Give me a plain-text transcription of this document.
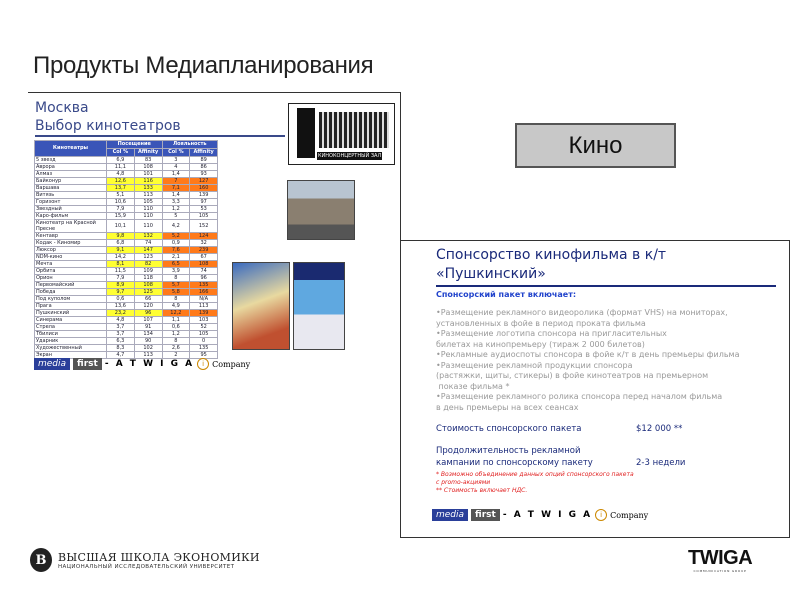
Продукты Медиапланирования
Москва
Выбор кинотеатров
Кинотеатры	Посещение	Лояльность
Col %	Affinity	Col %	Affinity
5 звезд	6,9	83	3	89
Аврора	11,1	108	4	86
Алмаз	4,8	101	1,4	93
Байконур	12,6	116	7	127
Варшава	13,7	133	7,1	160
Витязь	5,1	113	1,4	139
Горизонт	10,6	105	3,3	97
Звездный	7,9	110	1,2	53
Каро-фильм	15,9	110	5	105
Кинотеатр на Красной Пресне	10,1	110	4,2	152
Кентавр	9,8	132	5,2	124
Кодак - Киномир	6,8	74	0,9	32
Люксор	9,1	147	7,6	239
NDM-кино	14,2	123	2,1	67
Мечта	8,1	82	6,5	108
Орбита	11,5	109	3,9	74
Орион	7,9	118	8	96
Первомайский	8,9	108	5,7	135
Победа	9,7	125	5,8	166
Под куполом	0,6	66	8	N/A
Прага	13,6	120	4,9	113
Пушкинский	23,2	96	12,2	139
Синерама	4,8	107	1,1	103
Стрела	3,7	91	0,6	52
Тбилиси	3,7	134	1,2	105
Ударник	6,3	90	8	0
Художественный	8,3	102	2,6	135
Экран	4,7	113	2	95
media	first - A T W I G A	i	Company
КИНОКОНЦЕРТНЫЙ ЗАЛ	Кино
Спонсорство кинофильма в к/т «Пушкинский»
Спонсорский пакет включает:
•Размещение рекламного видеоролика (формат VHS) на мониторах,
установленных в фойе в период проката фильма
•Размещение логотипа спонсора на пригласительных
билетах на кинопремьеру (тираж 2 000 билетов)
•Рекламные аудиоспоты спонсора в фойе к/т в день премьеры фильма
•Размещение рекламной продукции спонсора
(растяжки, щиты, стикеры) в фойе кинотеатров на премьерном
показе фильма *
•Размещение рекламного ролика спонсора перед началом фильма
в день премьеры на всех сеансах
Стоимость спонсорского пакета	$12 000 **
Продолжительность рекламной
кампании по спонсорскому пакету	2-3 недели
* Возможно объединение данных опций спонсорского пакета
с promo-акциями
** Стоимость включает НДС.
media	first - A T W I G A	i	Company
В	ВЫСШАЯ ШКОЛА ЭКОНОМИКИ
НАЦИОНАЛЬНЫЙ ИССЛЕДОВАТЕЛЬСКИЙ УНИВЕРСИТЕТ	TWIGA
COMMUNICATION GROUP
